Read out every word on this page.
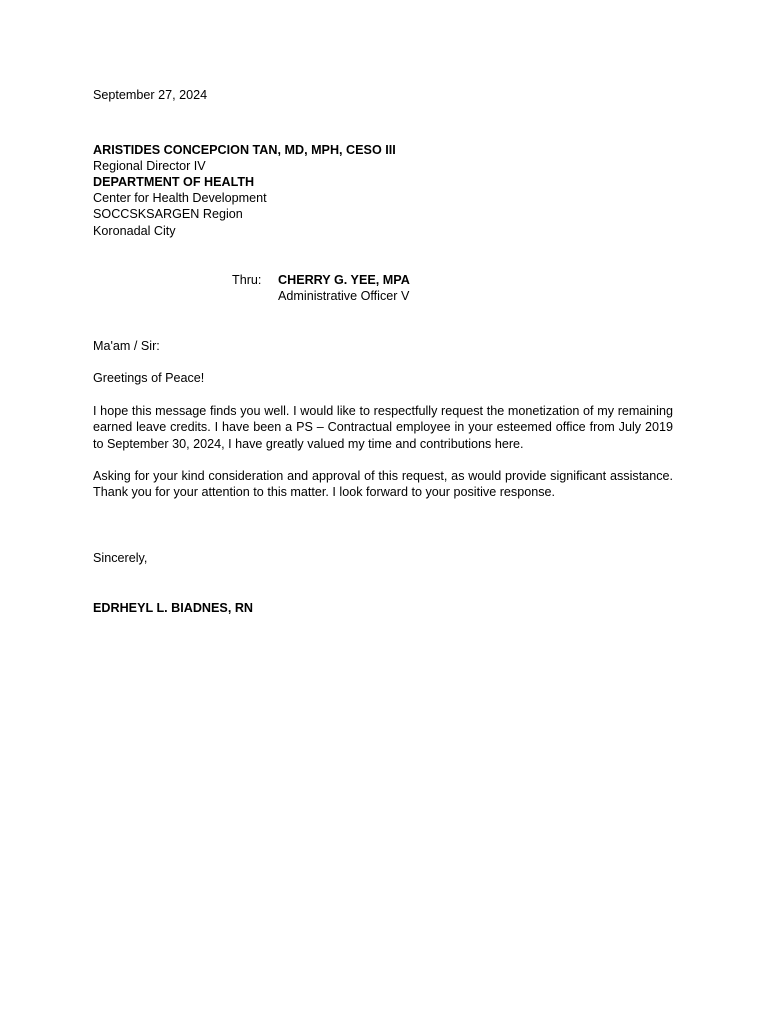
September 27, 2024
ARISTIDES CONCEPCION TAN, MD, MPH, CESO III
Regional Director IV
DEPARTMENT OF HEALTH
Center for Health Development
SOCCSKSARGEN Region
Koronadal City
Thru: CHERRY G. YEE, MPA
Administrative Officer V
Ma'am / Sir:
Greetings of Peace!
I hope this message finds you well. I would like to respectfully request the monetization of my remaining earned leave credits. I have been a PS – Contractual employee in your esteemed office from July 2019 to September 30, 2024, I have greatly valued my time and contributions here.
Asking for your kind consideration and approval of this request, as would provide significant assistance. Thank you for your attention to this matter. I look forward to your positive response.
Sincerely,
EDRHEYL L. BIADNES, RN
